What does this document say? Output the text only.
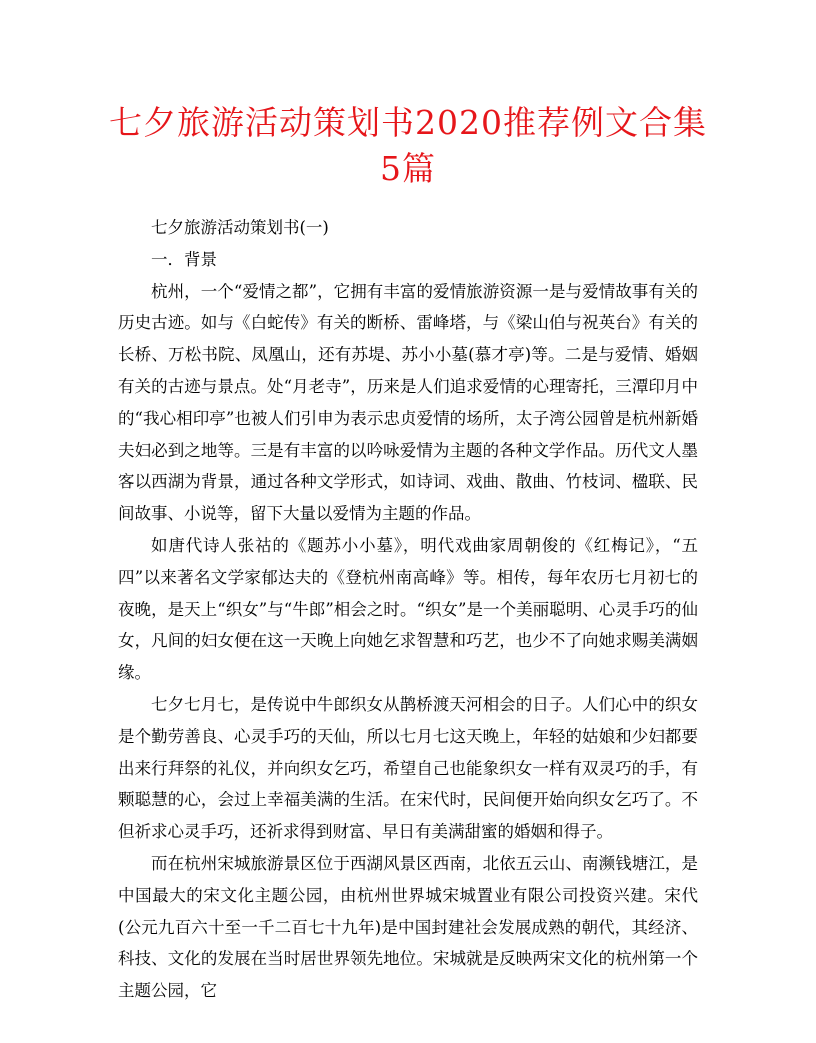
七夕旅游活动策划书2020推荐例文合集5篇

七夕旅游活动策划书(一)

一．背景

杭州，一个“爱情之都”，它拥有丰富的爱情旅游资源一是与爱情故事有关的历史古迹。如与《白蛇传》有关的断桥、雷峰塔，与《梁山伯与祝英台》有关的长桥、万松书院、凤凰山，还有苏堤、苏小小墓(慕才亭)等。二是与爱情、婚姻有关的古迹与景点。处“月老寺”，历来是人们追求爱情的心理寄托，三潭印月中的“我心相印亭”也被人们引申为表示忠贞爱情的场所，太子湾公园曾是杭州新婚夫妇必到之地等。三是有丰富的以吟咏爱情为主题的各种文学作品。历代文人墨客以西湖为背景，通过各种文学形式，如诗词、戏曲、散曲、竹枝词、楹联、民间故事、小说等，留下大量以爱情为主题的作品。

如唐代诗人张祜的《题苏小小墓》，明代戏曲家周朝俊的《红梅记》，“五四”以来著名文学家郁达夫的《登杭州南高峰》等。相传，每年农历七月初七的夜晚，是天上“织女”与“牛郎”相会之时。“织女”是一个美丽聪明、心灵手巧的仙女，凡间的妇女便在这一天晚上向她乞求智慧和巧艺，也少不了向她求赐美满姻缘。

七夕七月七，是传说中牛郎织女从鹊桥渡天河相会的日子。人们心中的织女是个勤劳善良、心灵手巧的天仙，所以七月七这天晚上，年轻的姑娘和少妇都要出来行拜祭的礼仪，并向织女乞巧，希望自己也能象织女一样有双灵巧的手，有颗聪慧的心，会过上幸福美满的生活。在宋代时，民间便开始向织女乞巧了。不但祈求心灵手巧，还祈求得到财富、早日有美满甜蜜的婚姻和得子。

而在杭州宋城旅游景区位于西湖风景区西南，北依五云山、南濒钱塘江，是中国最大的宋文化主题公园，由杭州世界城宋城置业有限公司投资兴建。宋代(公元九百六十至一千二百七十九年)是中国封建社会发展成熟的朝代，其经济、科技、文化的发展在当时居世界领先地位。宋城就是反映两宋文化的杭州第一个主题公园，它
